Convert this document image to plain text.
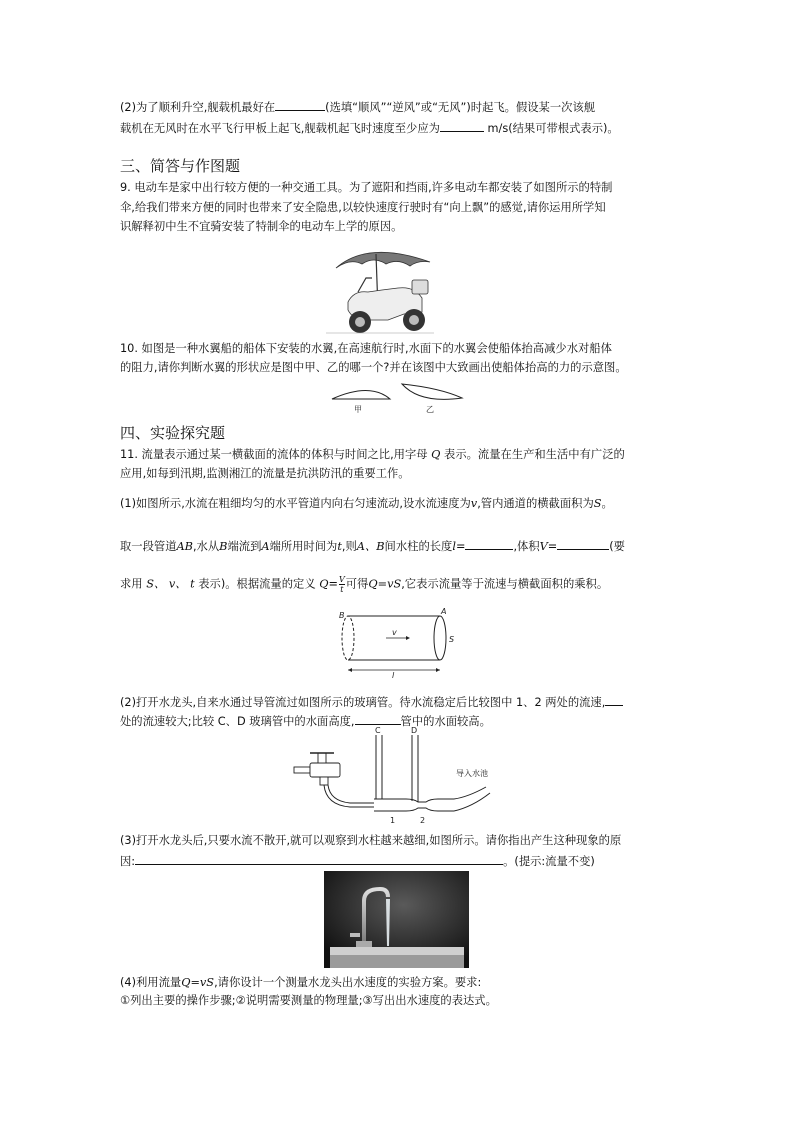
(2)为了顺利升空,舰载机最好在	(选填“顺风”“逆风”或“无风”)时起飞。假设某一次该舰
载机在无风时在水平飞行甲板上起飞,舰载机起飞时速度至少应为	m/s(结果可带根式表示)。
三、简答与作图题
9. 电动车是家中出行较方便的一种交通工具。为了遮阳和挡雨,许多电动车都安装了如图所示的特制
伞,给我们带来方便的同时也带来了安全隐患,以较快速度行驶时有“向上飘”的感觉,请你运用所学知
识解释初中生不宜骑安装了特制伞的电动车上学的原因。
10. 如图是一种水翼船的船体下安装的水翼,在高速航行时,水面下的水翼会使船体抬高减少水对船体
的阻力,请你判断水翼的形状应是图中甲、乙的哪一个?并在该图中大致画出使船体抬高的力的示意图。
甲	乙
四、实验探究题
11. 流量表示通过某一横截面的流体的体积与时间之比,用字母 Q 表示。流量在生产和生活中有广泛的
应用,如每到汛期,监测湘江的流量是抗洪防汛的重要工作。
(1)如图所示,水流在粗细均匀的水平管道内向右匀速流动,设水流速度为v,管内通道的横截面积为S。
取一段管道AB,水从B端流到A端所用时间为t,则A、B间水柱的长度l=	,体积V=	(要
求用 S、 v、 t 表示)。根据流量的定义 $Q= \frac{V}{t}$ 可得Q=vS,它表示流量等于流速与横截面积的乘积。
v
B	A
S
l
(2)打开水龙头,自来水通过导管流过如图所示的玻璃管。待水流稳定后比较图中 1、2 两处的流速,
处的流速较大;比较 C、D 玻璃管中的水面高度,	管中的水面较高。
C	D
1	2
导入水池
(3)打开水龙头后,只要水流不散开,就可以观察到水柱越来越细,如图所示。请你指出产生这种现象的原
因:	。(提示:流量不变)
(4)利用流量Q=vS,请你设计一个测量水龙头出水速度的实验方案。要求:
①列出主要的操作步骤;②说明需要测量的物理量;③写出出水速度的表达式。
